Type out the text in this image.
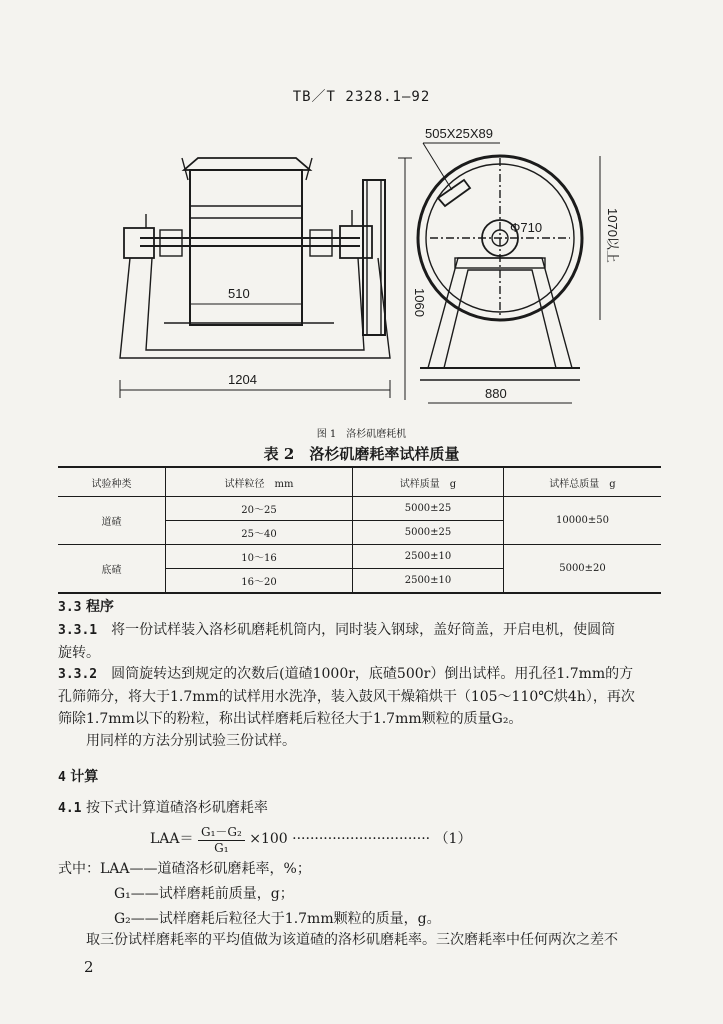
TB／T 2328.1—92
510
1204
1060
505X25X89
Φ710	1070以上
880
图 1　洛杉矶磨耗机
表 2　洛杉矶磨耗率试样质量
试验种类	试样粒径　mm	试样质量　g	试样总质量　g
道碴	20～25	5000±25	10000±50
	25～40	5000±25	
底碴	10～16	2500±10	5000±20
	16～20	2500±10	
3.3 程序
3.3.1　 将一份试样装入洛杉矶磨耗机筒内，同时装入钢球，盖好筒盖，开启电机，使圆筒
旋转。
3.3.2　 圆筒旋转达到规定的次数后(道碴1000r，底碴500r）倒出试样。用孔径1.7mm的方
孔筛筛分，将大于1.7mm的试样用水洗净，装入鼓风干燥箱烘干（105～110℃烘4h），再次
筛除1.7mm以下的粉粒，称出试样磨耗后粒径大于1.7mm颗粒的质量G₂。
用同样的方法分别试验三份试样。
4 计算
4.1 按下式计算道碴洛杉矶磨耗率
$LAA= \frac{\text{G₁－G₂}}{\text{G₁}} \times 100$ ······························· （1）
式中：LAA——道碴洛杉矶磨耗率，%；
G₁——试样磨耗前质量，g；
G₂——试样磨耗后粒径大于1.7mm颗粒的质量，g。
取三份试样磨耗率的平均值做为该道碴的洛杉矶磨耗率。三次磨耗率中任何两次之差不
2
